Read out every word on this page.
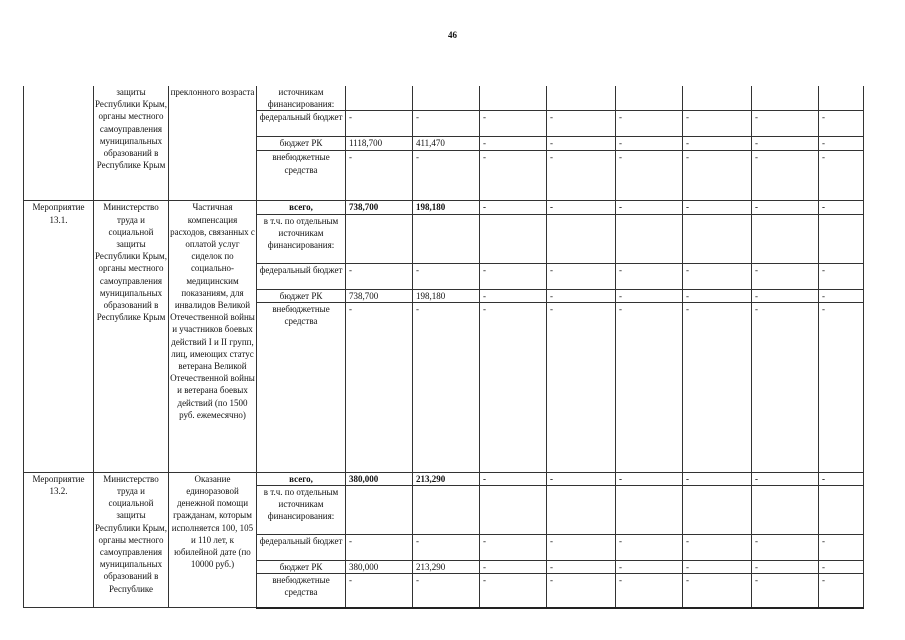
46
	защиты Республики Крым, органы местного самоуправления муниципальных образований в Республике Крым	преклонного возраста	источникам финансирования:								
			федеральный бюджет	-	-	-	-	-	-	-	-
			бюджет РК	1118,700	411,470	-	-	-	-	-	-
			внебюджетные средства	-	-	-	-	-	-	-	-
Мероприятие 13.1.	Министерство труда и социальной защиты Республики Крым, органы местного самоуправления муниципальных образований в Республике Крым	Частичная компенсация расходов, связанных с оплатой услуг сиделок по социально-медицинским показаниям, для инвалидов Великой Отечественной войны и участников боевых действий I и II групп, лиц, имеющих статус ветерана Великой Отечественной войны и ветерана боевых действий (по 1500 руб. ежемесячно)	всего,	738,700	198,180	-	-	-	-	-	-
			в т.ч. по отдельным источникам финансирования:								
			федеральный бюджет	-	-	-	-	-	-	-	-
			бюджет РК	738,700	198,180	-	-	-	-	-	-
			внебюджетные средства	-	-	-	-	-	-	-	-
Мероприятие 13.2.	Министерство труда и социальной защиты Республики Крым, органы местного самоуправления муниципальных образований в Республике	Оказание единоразовой денежной помощи гражданам, которым исполняется 100, 105 и 110 лет, к юбилейной дате (по 10000 руб.)	всего,	380,000	213,290	-	-	-	-	-	-
			в т.ч. по отдельным источникам финансирования:								
			федеральный бюджет	-	-	-	-	-	-	-	-
			бюджет РК	380,000	213,290	-	-	-	-	-	-
			внебюджетные средства	-	-	-	-	-	-	-	-
